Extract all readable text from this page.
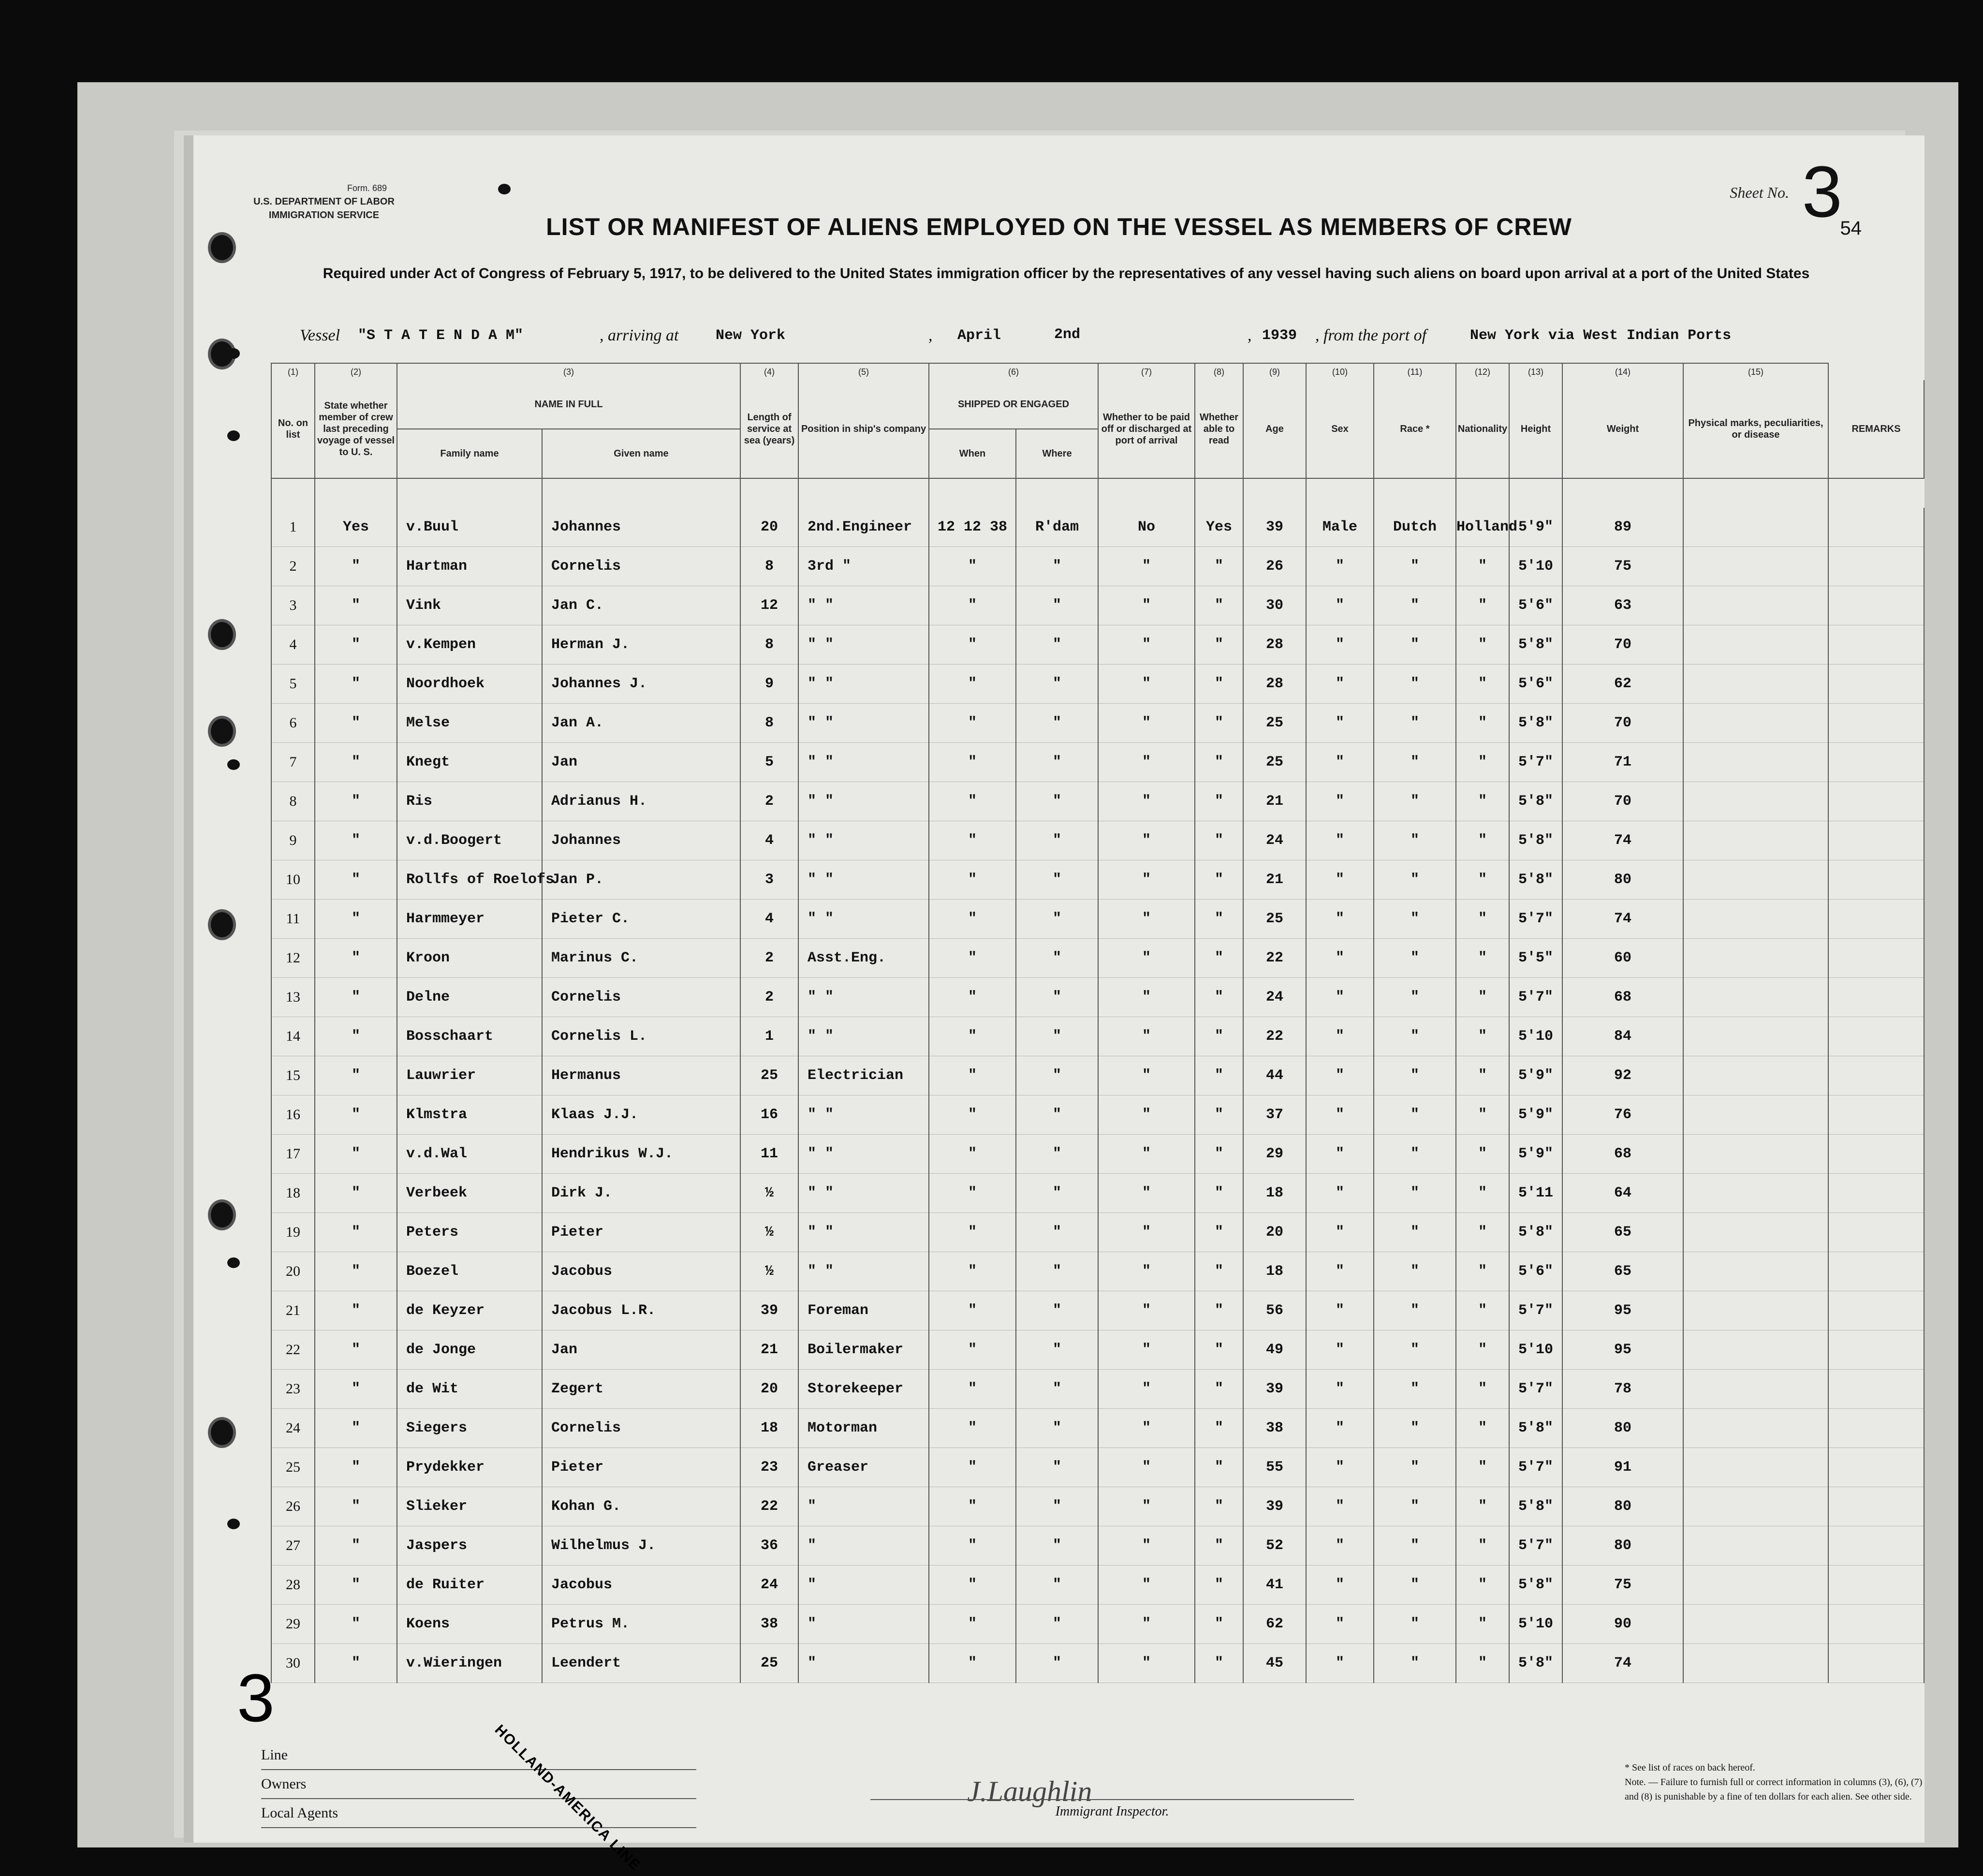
Form. 689
U.S. DEPARTMENT OF LABOR
IMMIGRATION SERVICE
Sheet No. 3
54
LIST OR MANIFEST OF ALIENS EMPLOYED ON THE VESSEL AS MEMBERS OF CREW
Required under Act of Congress of February 5, 1917, to be delivered to the United States immigration officer by the representatives of any vessel having such aliens on board upon arrival at a port of the United States
Vessel "S T A T E N D A M"	, arriving at	New York	, April	2nd	, 1939 , from the port of	New York via West Indian Ports
(1)	(2)	(3)		(4)	(5)	(6)		(7)	(8)	(9)	(10)	(11)	(12)	(13)	(14)	(15)	
No. on list	State whether member of crew last preceding voyage of vessel to U. S.	NAME IN FULL		Length of service at sea (years)	Position in ship's company	SHIPPED OR ENGAGED		Whether to be paid off or discharged at port of arrival	Whether able to read	Age	Sex	Race *	Nationality	Height	Weight	Physical marks, peculiarities, or disease	REMARKS
		Family name	Given name			When	Where										

1	Yes	v.Buul	Johannes	20	2nd.Engineer	12 12 38	R'dam	No	Yes	39	Male	Dutch	Holland	5'9"	89		
2	"	Hartman	Cornelis	8	3rd "	"	"	"	"	26	"	"	"	5'10	75		
3	"	Vink	Jan C.	12	" "	"	"	"	"	30	"	"	"	5'6"	63		
4	"	v.Kempen	Herman J.	8	" "	"	"	"	"	28	"	"	"	5'8"	70		
5	"	Noordhoek	Johannes J.	9	" "	"	"	"	"	28	"	"	"	5'6"	62		
6	"	Melse	Jan A.	8	" "	"	"	"	"	25	"	"	"	5'8"	70		
7	"	Knegt	Jan	5	" "	"	"	"	"	25	"	"	"	5'7"	71		
8	"	Ris	Adrianus H.	2	" "	"	"	"	"	21	"	"	"	5'8"	70		
9	"	v.d.Boogert	Johannes	4	" "	"	"	"	"	24	"	"	"	5'8"	74		
10	"	Rollfs of Roelofs	Jan P.	3	" "	"	"	"	"	21	"	"	"	5'8"	80		
11	"	Harmmeyer	Pieter C.	4	" "	"	"	"	"	25	"	"	"	5'7"	74		
12	"	Kroon	Marinus C.	2	Asst.Eng.	"	"	"	"	22	"	"	"	5'5"	60		
13	"	Delne	Cornelis	2	" "	"	"	"	"	24	"	"	"	5'7"	68		
14	"	Bosschaart	Cornelis L.	1	" "	"	"	"	"	22	"	"	"	5'10	84		
15	"	Lauwrier	Hermanus	25	Electrician	"	"	"	"	44	"	"	"	5'9"	92		
16	"	Klmstra	Klaas J.J.	16	" "	"	"	"	"	37	"	"	"	5'9"	76		
17	"	v.d.Wal	Hendrikus W.J.	11	" "	"	"	"	"	29	"	"	"	5'9"	68		
18	"	Verbeek	Dirk J.	½	" "	"	"	"	"	18	"	"	"	5'11	64		
19	"	Peters	Pieter	½	" "	"	"	"	"	20	"	"	"	5'8"	65		
20	"	Boezel	Jacobus	½	" "	"	"	"	"	18	"	"	"	5'6"	65		
21	"	de Keyzer	Jacobus L.R.	39	Foreman	"	"	"	"	56	"	"	"	5'7"	95		
22	"	de Jonge	Jan	21	Boilermaker	"	"	"	"	49	"	"	"	5'10	95		
23	"	de Wit	Zegert	20	Storekeeper	"	"	"	"	39	"	"	"	5'7"	78		
24	"	Siegers	Cornelis	18	Motorman	"	"	"	"	38	"	"	"	5'8"	80		
25	"	Prydekker	Pieter	23	Greaser	"	"	"	"	55	"	"	"	5'7"	91		
26	"	Slieker	Kohan G.	22	"	"	"	"	"	39	"	"	"	5'8"	80		
27	"	Jaspers	Wilhelmus J.	36	"	"	"	"	"	52	"	"	"	5'7"	80		
28	"	de Ruiter	Jacobus	24	"	"	"	"	"	41	"	"	"	5'8"	75		
29	"	Koens	Petrus M.	38	"	"	"	"	"	62	"	"	"	5'10	90		
30	"	v.Wieringen	Leendert	25	"	"	"	"	"	45	"	"	"	5'8"	74		
Line
Owners
Local Agents	HOLLAND-AMERICA LINE	J.Laughlin
Immigrant Inspector.
* See list of races on back hereof.
Note. — Failure to furnish full or correct information in columns (3), (6), (7) and (8) is punishable by a fine of ten dollars for each alien. See other side.
3
